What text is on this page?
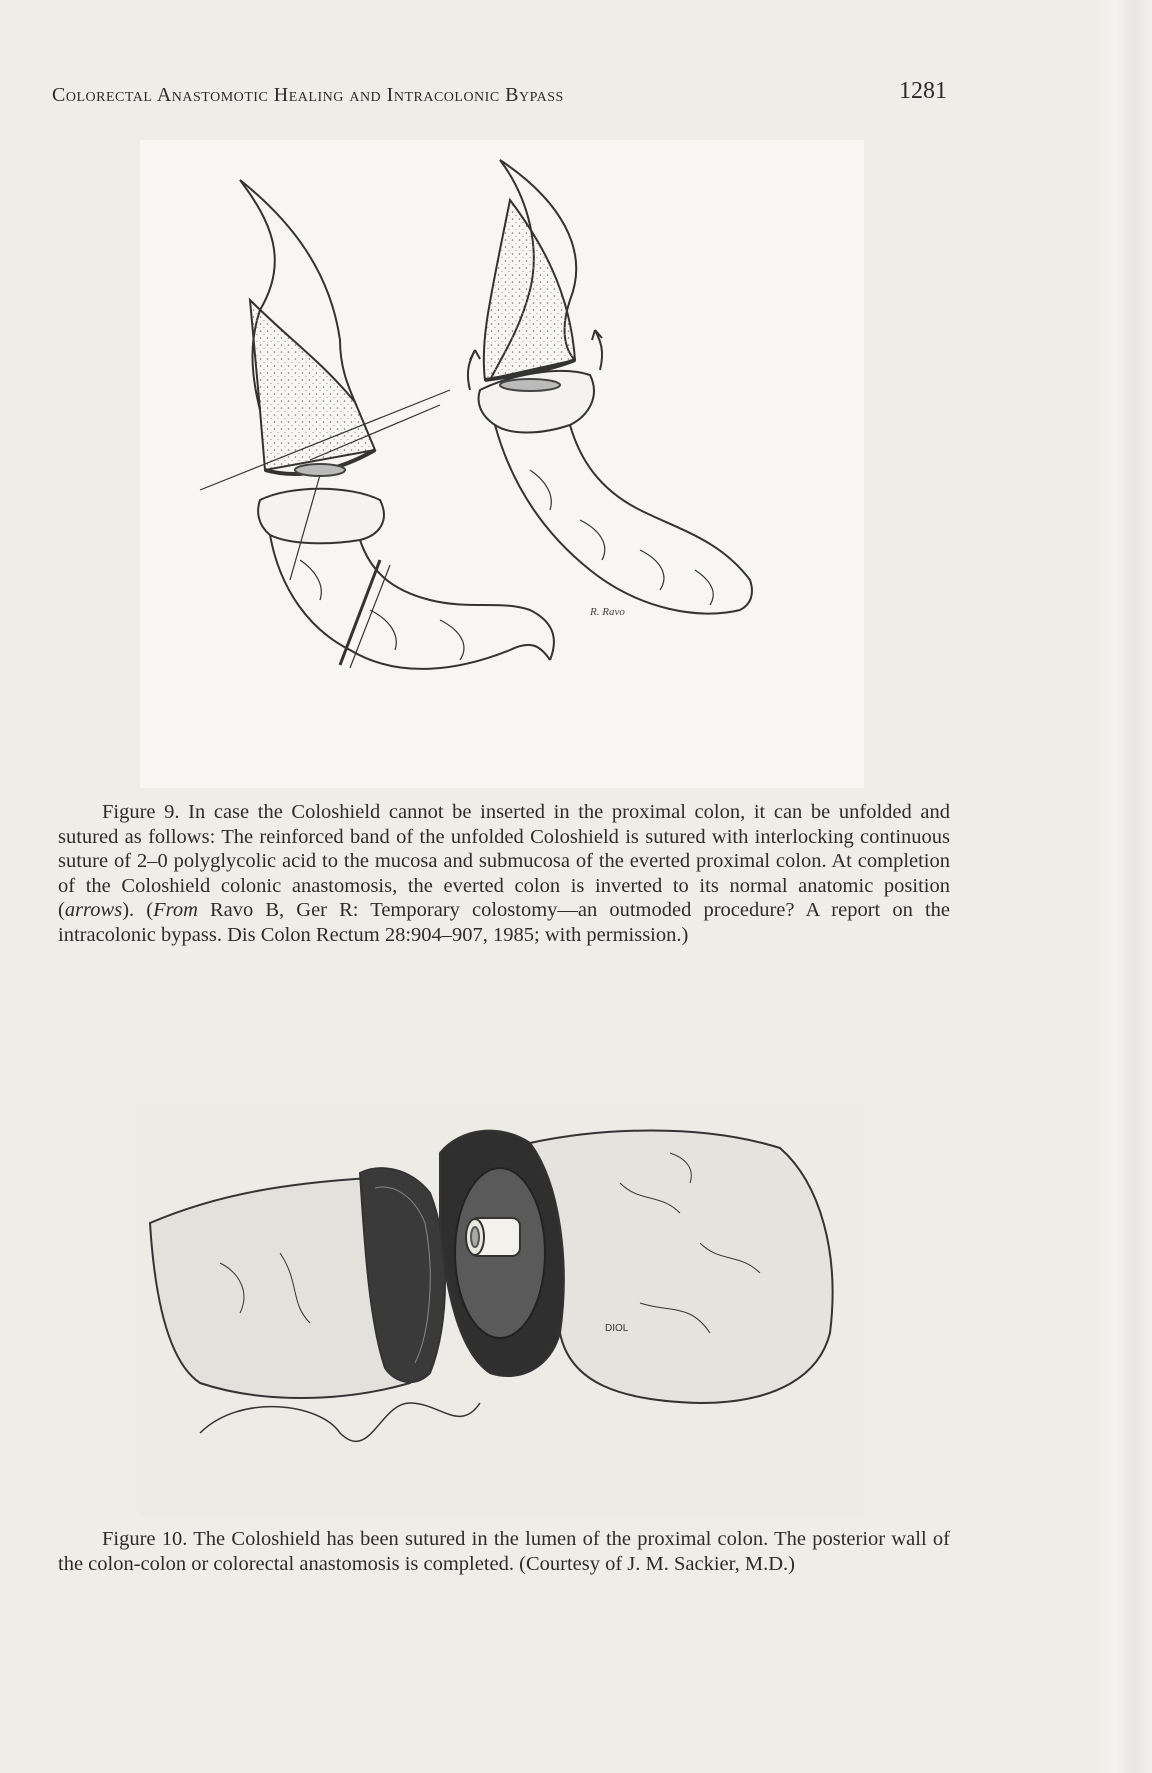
Colorectal Anastomotic Healing and Intracolonic Bypass	1281
R. Ravo

Figure 9. In case the Coloshield cannot be inserted in the proximal colon, it can be unfolded and sutured as follows: The reinforced band of the unfolded Coloshield is sutured with interlocking continuous suture of 2–0 polyglycolic acid to the mucosa and submucosa of the everted proximal colon. At completion of the Coloshield colonic anastomosis, the everted colon is inverted to its normal anatomic position (arrows). (From Ravo B, Ger R: Temporary colostomy—an outmoded procedure? A report on the intracolonic bypass. Dis Colon Rectum 28:904–907, 1985; with permission.)

DIOL

Figure 10. The Coloshield has been sutured in the lumen of the proximal colon. The posterior wall of the colon-colon or colorectal anastomosis is completed. (Courtesy of J. M. Sackier, M.D.)
